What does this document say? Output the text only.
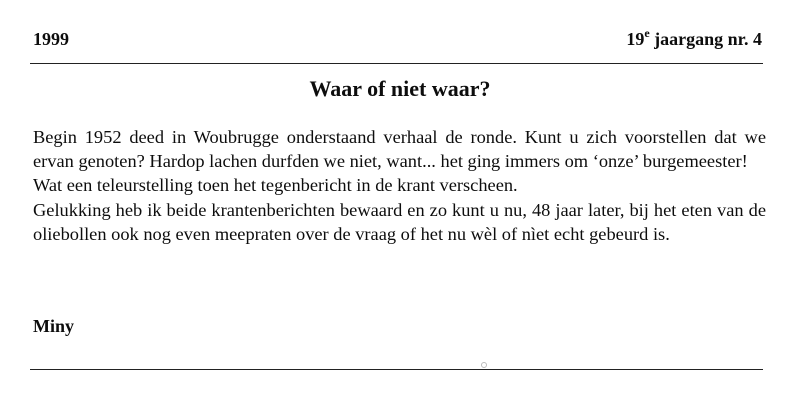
1999	19e jaargang nr. 4
Waar of niet waar?

Begin 1952 deed in Woubrugge onderstaand verhaal de ronde. Kunt u zich voorstellen dat we ervan genoten? Hardop lachen durfden we niet, want... het ging immers om ‘onze’ burgemeester!

Wat een teleurstelling toen het tegenbericht in de krant verscheen.

Gelukking heb ik beide krantenberichten bewaard en zo kunt u nu, 48 jaar later, bij het eten van de oliebollen ook nog even meepraten over de vraag of het nu wèl of nìet echt gebeurd is.

Miny
